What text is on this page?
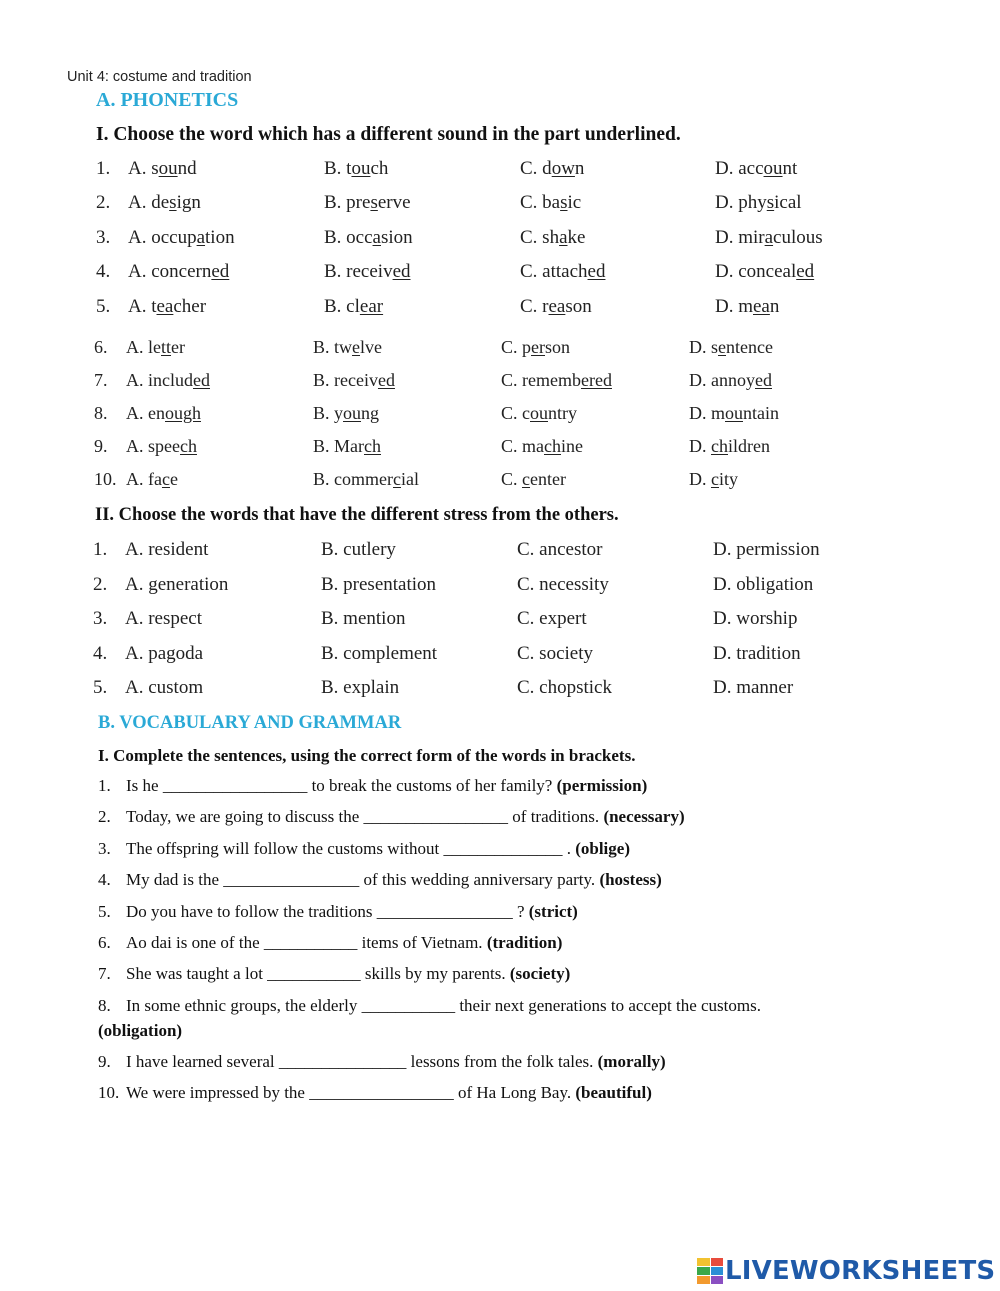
Unit 4: costume and tradition
A. PHONETICS
I. Choose the word which has a different sound in the part underlined.
1. A. sound	B. touch	C. down	D. account
2. A. design	B. preserve	C. basic	D. physical
3. A. occupation	B. occasion	C. shake	D. miraculous
4. A. concerned	B. received	C. attached	D. concealed
5. A. teacher	B. clear	C. reason	D. mean
6. A. letter	B. twelve	C. person	D. sentence
7. A. included	B. received	C. remembered	D. annoyed
8. A. enough	B. young	C. country	D. mountain
9. A. speech	B. March	C. machine	D. children
10. A. face	B. commercial	C. center	D. city
II. Choose the words that have the different stress from the others.
1. A. resident	B. cutlery	C. ancestor	D. permission
2. A. generation	B. presentation	C. necessity	D. obligation
3. A. respect	B. mention	C. expert	D. worship
4. A. pagoda	B. complement	C. society	D. tradition
5. A. custom	B. explain	C. chopstick	D. manner
B. VOCABULARY AND GRAMMAR
I. Complete the sentences, using the correct form of the words in brackets.
1. Is he _________________ to break the customs of her family? (permission)
2. Today, we are going to discuss the _________________ of traditions. (necessary)
3. The offspring will follow the customs without ______________ . (oblige)
4. My dad is the ________________ of this wedding anniversary party. (hostess)
5. Do you have to follow the traditions ________________ ? (strict)
6. Ao dai is one of the ___________ items of Vietnam. (tradition)
7. She was taught a lot ___________ skills by my parents. (society)
8. In some ethnic groups, the elderly ___________ their next generations to accept the customs.
(obligation)
9. I have learned several _______________ lessons from the folk tales. (morally)
10. We were impressed by the _________________ of Ha Long Bay. (beautiful)
LIVEWORKSHEETS
